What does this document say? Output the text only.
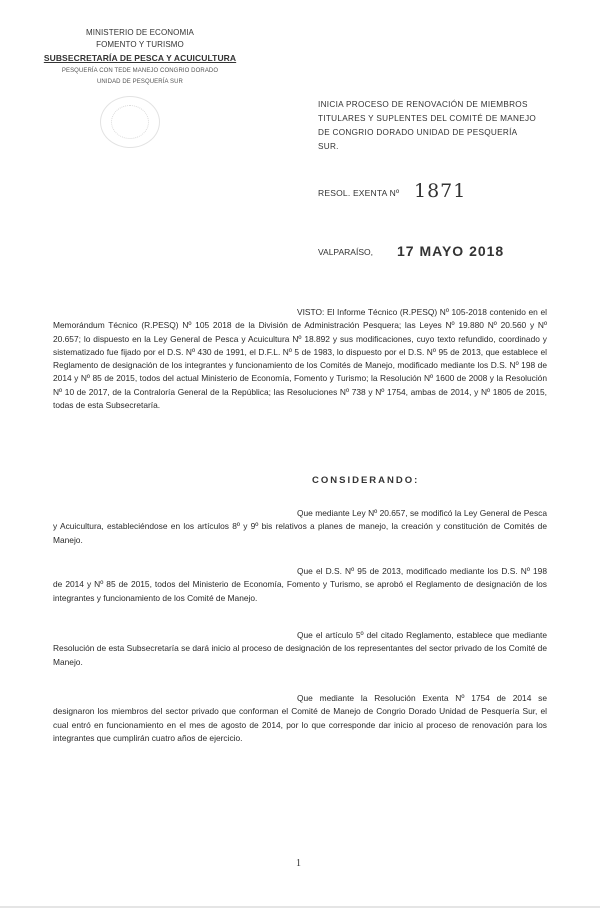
MINISTERIO DE ECONOMIA
FOMENTO Y TURISMO
SUBSECRETARÍA DE PESCA Y ACUICULTURA
PESQUERÍA CON TEDE MANEJO CONGRIO DORADO
UNIDAD DE PESQUERÍA SUR
INICIA PROCESO DE RENOVACIÓN DE MIEMBROS TITULARES Y SUPLENTES DEL COMITÉ DE MANEJO DE CONGRIO DORADO UNIDAD DE PESQUERÍA SUR.
RESOL. EXENTA Nº 1871
VALPARAÍSO, 17 MAYO 2018
VISTO: El Informe Técnico (R.PESQ) Nº 105-2018 contenido en el Memorándum Técnico (R.PESQ) Nº 105 2018 de la División de Administración Pesquera; las Leyes Nº 19.880 Nº 20.560 y Nº 20.657; lo dispuesto en la Ley General de Pesca y Acuicultura Nº 18.892 y sus modificaciones, cuyo texto refundido, coordinado y sistematizado fue fijado por el D.S. Nº 430 de 1991, el D.F.L. Nº 5 de 1983, lo dispuesto por el D.S. Nº 95 de 2013, que establece el Reglamento de designación de los integrantes y funcionamiento de los Comités de Manejo, modificado mediante los D.S. Nº 198 de 2014 y Nº 85 de 2015, todos del actual Ministerio de Economía, Fomento y Turismo; la Resolución Nº 1600 de 2008 y la Resolución Nº 10 de 2017, de la Contraloría General de la República; las Resoluciones Nº 738 y Nº 1754, ambas de 2014, y Nº 1805 de 2015, todas de esta Subsecretaría.
CONSIDERANDO:
Que mediante Ley Nº 20.657, se modificó la Ley General de Pesca y Acuicultura, estableciéndose en los artículos 8º y 9º bis relativos a planes de manejo, la creación y constitución de Comités de Manejo.
Que el D.S. Nº 95 de 2013, modificado mediante los D.S. Nº 198 de 2014 y Nº 85 de 2015, todos del Ministerio de Economía, Fomento y Turismo, se aprobó el Reglamento de designación de los integrantes y funcionamiento de los Comité de Manejo.
Que el artículo 5º del citado Reglamento, establece que mediante Resolución de esta Subsecretaría se dará inicio al proceso de designación de los representantes del sector privado de los Comité de Manejo.
Que mediante la Resolución Exenta Nº 1754 de 2014 se designaron los miembros del sector privado que conforman el Comité de Manejo de Congrio Dorado Unidad de Pesquería Sur, el cual entró en funcionamiento en el mes de agosto de 2014, por lo que corresponde dar inicio al proceso de renovación para los integrantes que cumplirán cuatro años de ejercicio.
1
